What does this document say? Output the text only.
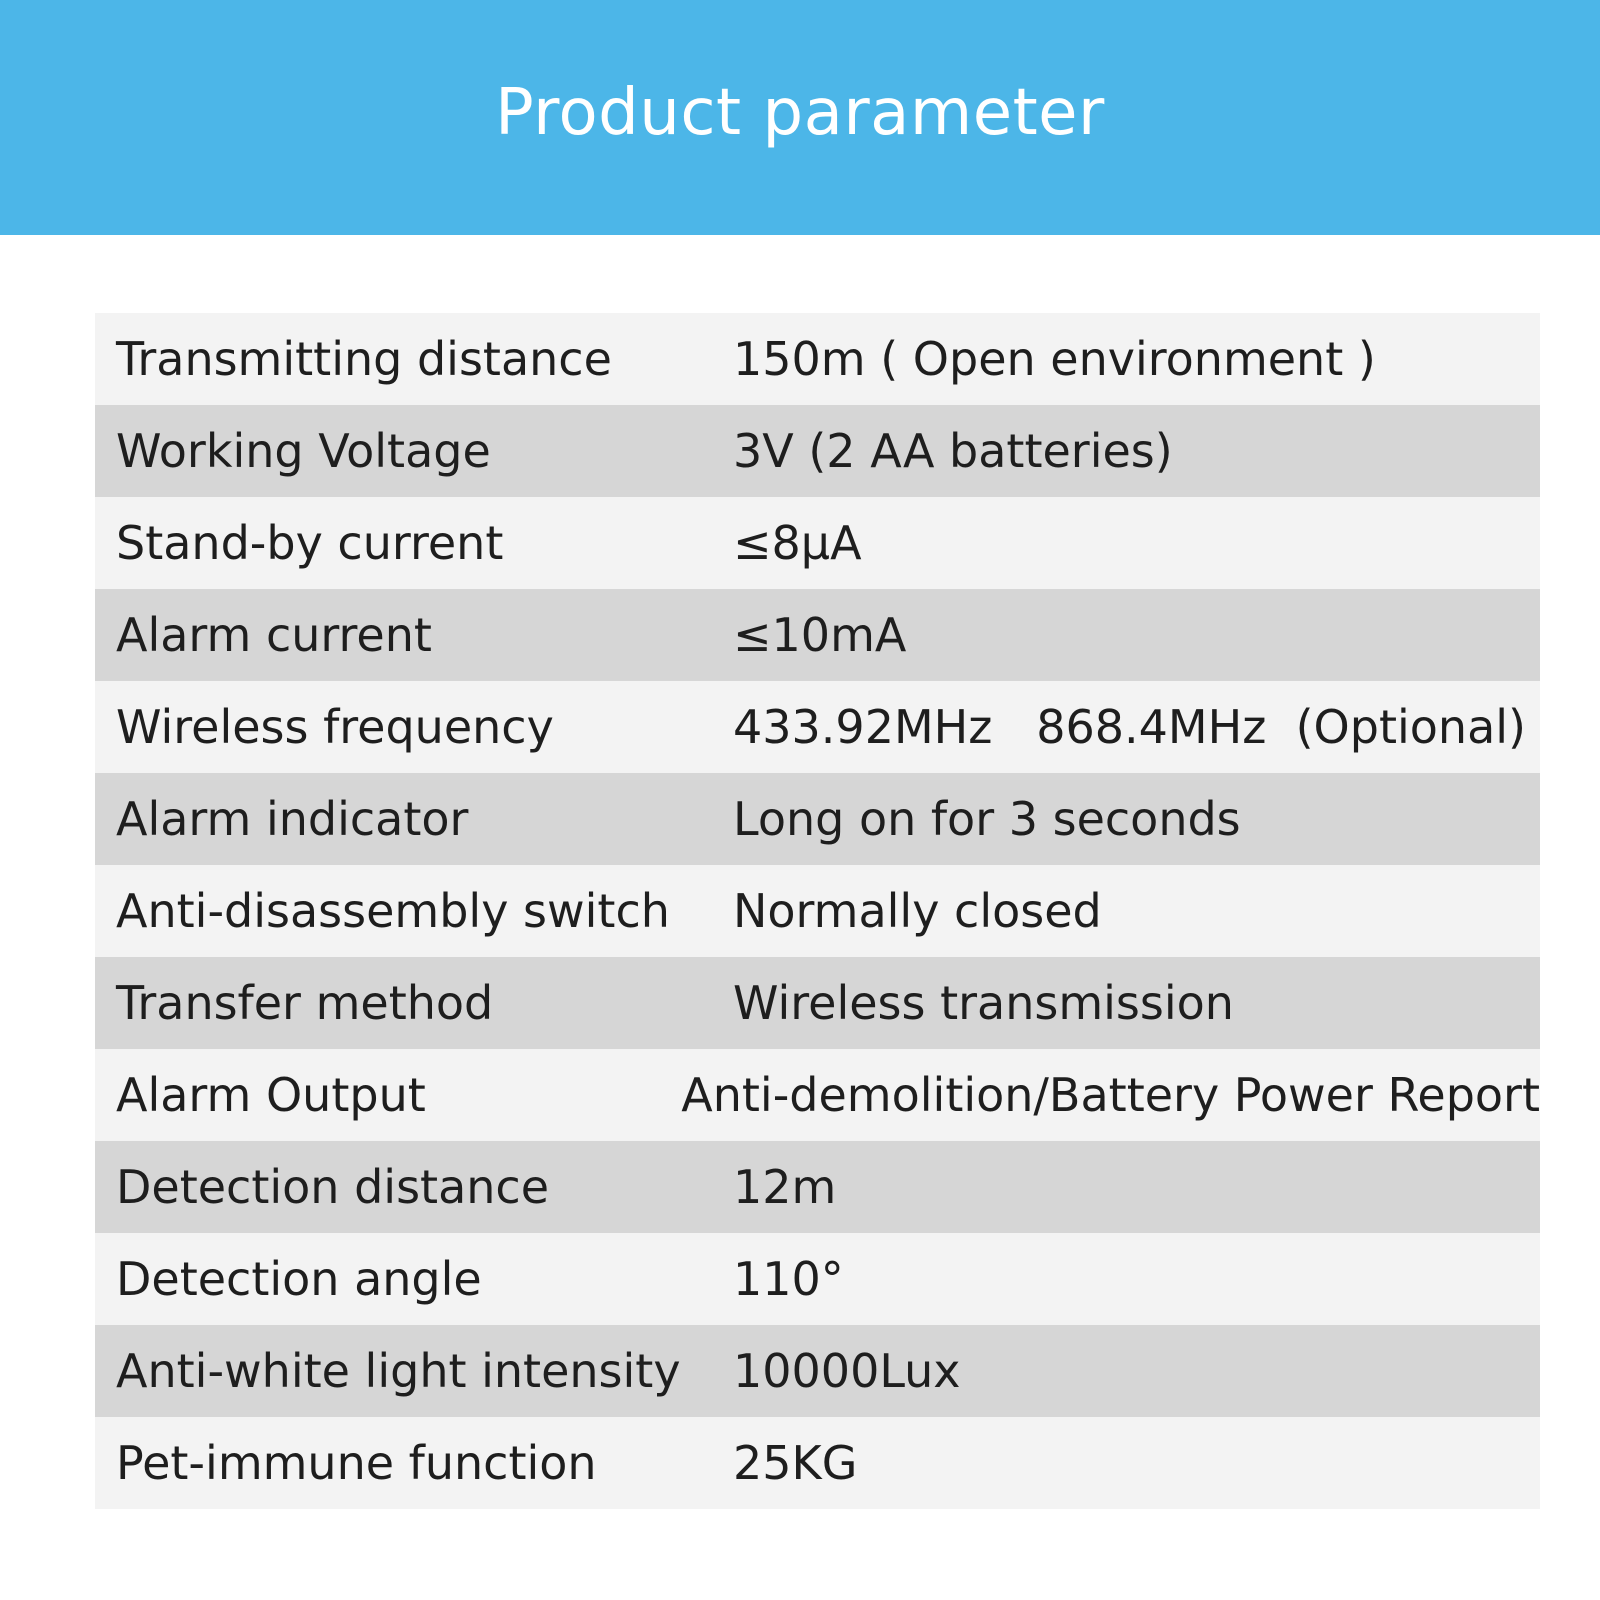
Product parameter
Transmitting distance	150m ( Open environment )
Working Voltage	3V (2 AA batteries)
Stand-by current	≤8μA
Alarm current	≤10mA
Wireless frequency	433.92MHz   868.4MHz  (Optional)
Alarm indicator	Long on for 3 seconds
Anti-disassembly switch	Normally closed
Transfer method	Wireless transmission
Alarm Output	Anti-demolition/Battery Power Report
Detection distance	12m
Detection angle	110°
Anti-white light intensity	10000Lux
Pet-immune function	25KG
